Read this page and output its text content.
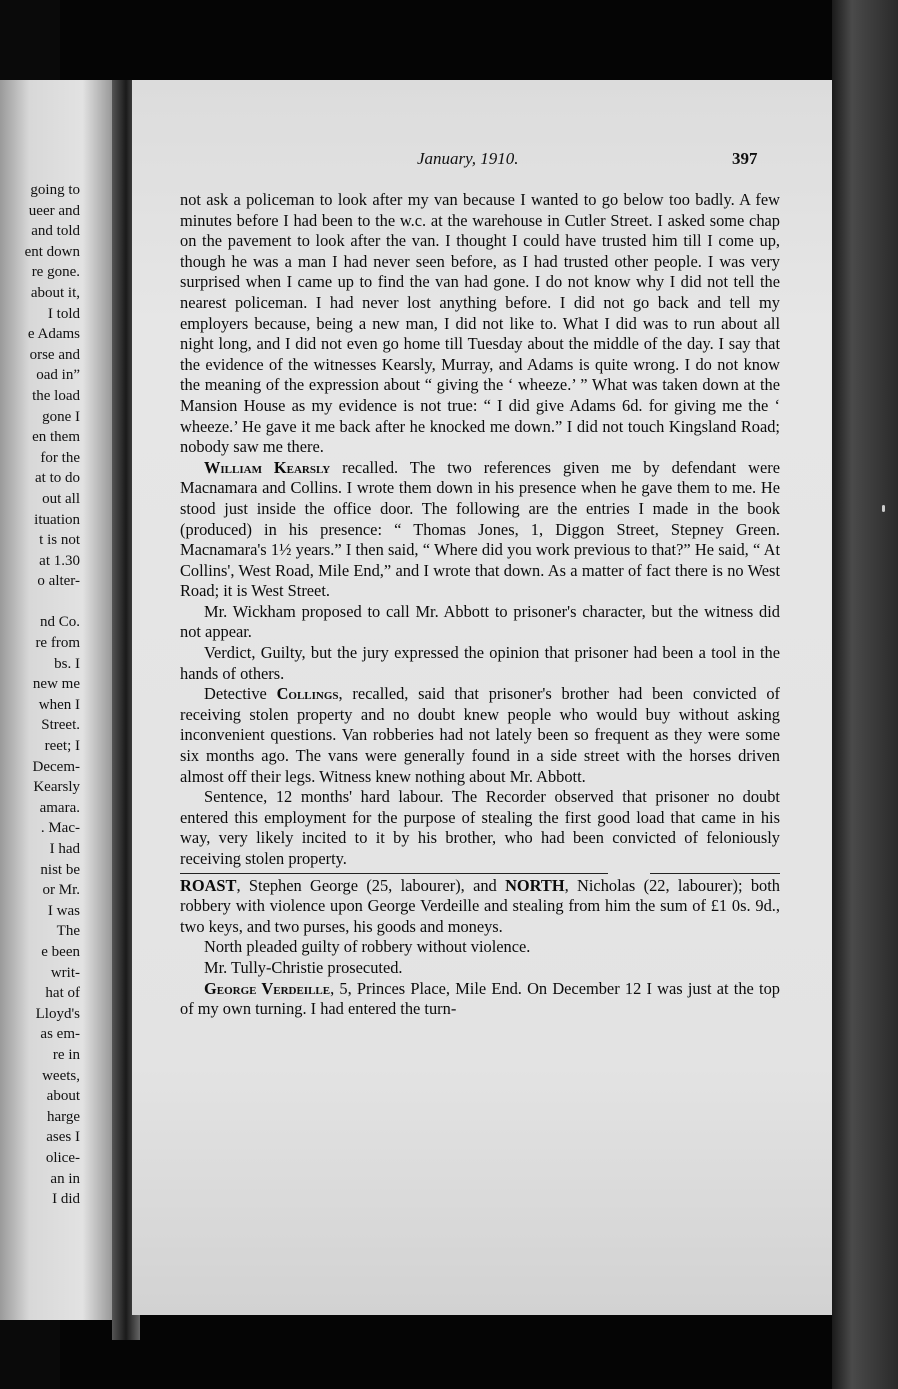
going to
ueer and
and told
ent down
re gone.
about it,
I told
e Adams
orse and
oad in”
the load
gone I
en them
for the
at to do
out all
ituation
t is not
at 1.30
o alter-
nd Co.
re from
bs. I
new me
when I
Street.
reet; I
Decem-
Kearsly
amara.
. Mac-
I had
nist be
or Mr.
I was
The
e been
writ-
hat of
Lloyd's
as em-
re in
weets,
about
harge
ases I
olice-
an in
I did
January, 1910.	397

not ask a policeman to look after my van because I wanted to go below too badly. A few minutes before I had been to the w.c. at the warehouse in Cutler Street. I asked some chap on the pavement to look after the van. I thought I could have trusted him till I come up, though he was a man I had never seen before, as I had trusted other people. I was very surprised when I came up to find the van had gone. I do not know why I did not tell the nearest policeman. I had never lost anything before. I did not go back and tell my employers because, being a new man, I did not like to. What I did was to run about all night long, and I did not even go home till Tuesday about the middle of the day. I say that the evidence of the witnesses Kearsly, Murray, and Adams is quite wrong. I do not know the meaning of the expression about “ giving the ‘ wheeze.’ ” What was taken down at the Mansion House as my evidence is not true: “ I did give Adams 6d. for giving me the ‘ wheeze.’ He gave it me back after he knocked me down.” I did not touch Kingsland Road; nobody saw me there.

William Kearsly recalled. The two references given me by defendant were Macnamara and Collins. I wrote them down in his presence when he gave them to me. He stood just inside the office door. The following are the entries I made in the book (produced) in his presence: “ Thomas Jones, 1, Diggon Street, Stepney Green. Macnamara's 1½ years.” I then said, “ Where did you work previous to that?” He said, “ At Collins', West Road, Mile End,” and I wrote that down. As a matter of fact there is no West Road; it is West Street.

Mr. Wickham proposed to call Mr. Abbott to prisoner's character, but the witness did not appear.

Verdict, Guilty, but the jury expressed the opinion that prisoner had been a tool in the hands of others.

Detective Collings, recalled, said that prisoner's brother had been convicted of receiving stolen property and no doubt knew people who would buy without asking inconvenient questions. Van robberies had not lately been so frequent as they were some six months ago. The vans were generally found in a side street with the horses driven almost off their legs. Witness knew nothing about Mr. Abbott.

Sentence, 12 months' hard labour. The Recorder observed that prisoner no doubt entered this employment for the purpose of stealing the first good load that came in his way, very likely incited to it by his brother, who had been convicted of feloniously receiving stolen property.

ROAST, Stephen George (25, labourer), and NORTH, Nicholas (22, labourer); both robbery with violence upon George Verdeille and stealing from him the sum of £1 0s. 9d., two keys, and two purses, his goods and moneys.

North pleaded guilty of robbery without violence.

Mr. Tully-Christie prosecuted.

George Verdeille, 5, Princes Place, Mile End. On December 12 I was just at the top of my own turning. I had entered the turn-
